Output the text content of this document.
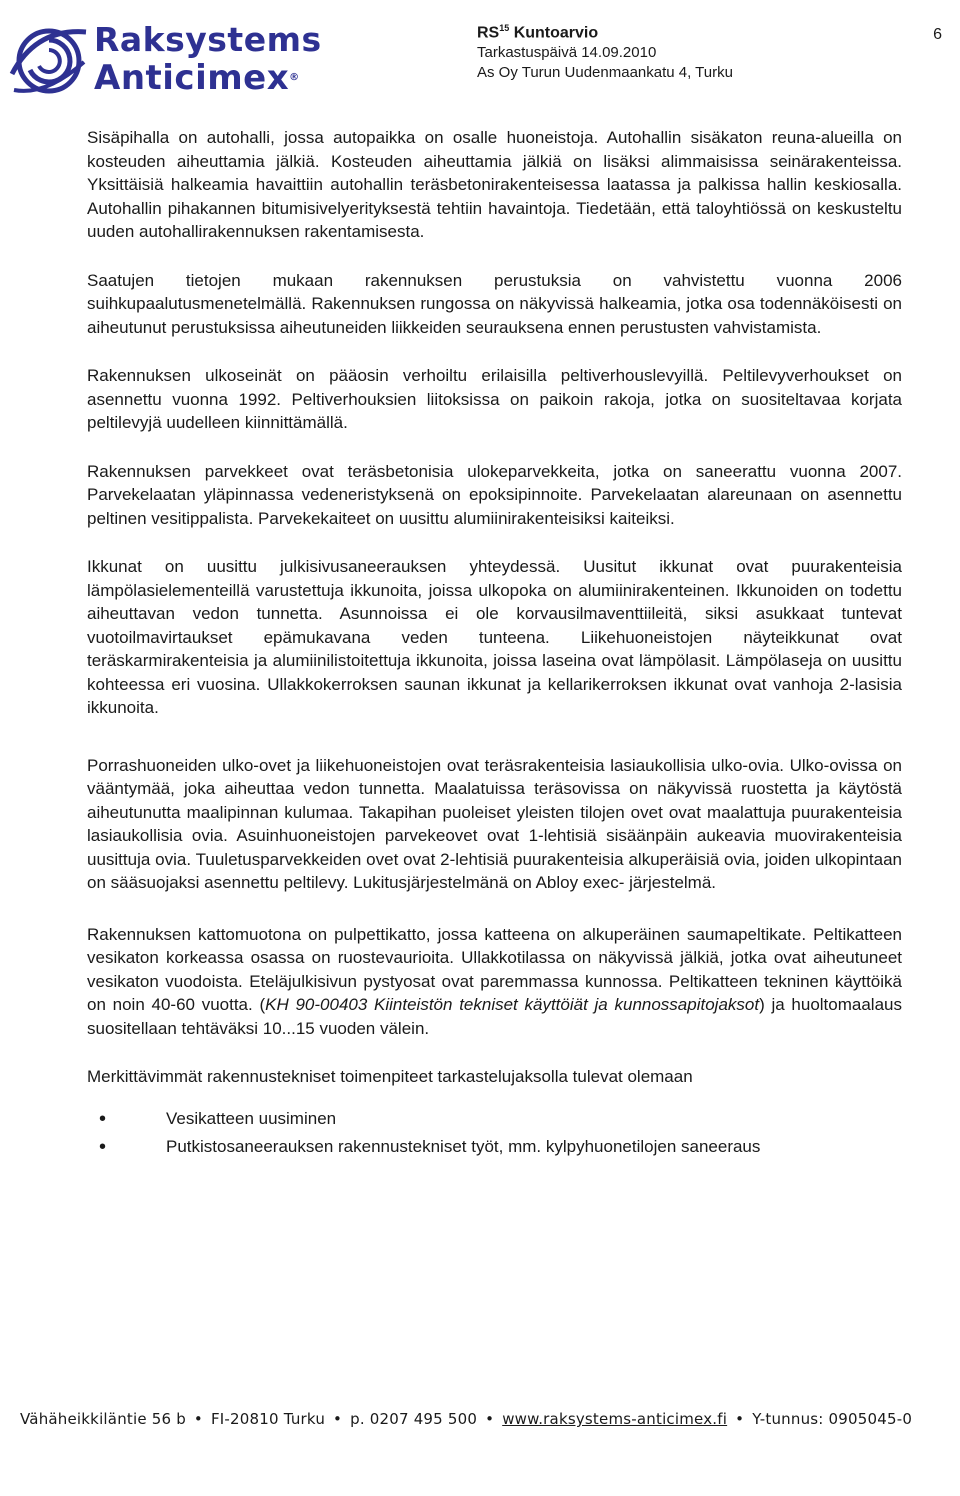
Raksystems
Anticimex®
RS$^{15}$ Kuntoarvio
Tarkastuspäivä 14.09.2010
As Oy Turun Uudenmaankatu 4, Turku
6

Sisäpihalla on autohalli, jossa autopaikka on osalle huoneistoja. Autohallin sisäkaton reuna-alueilla on kosteuden aiheuttamia jälkiä. Kosteuden aiheuttamia jälkiä on lisäksi alimmaisissa seinärakenteissa. Yksittäisiä halkeamia havaittiin autohallin teräsbetonirakenteisessa laatassa ja palkissa hallin keskiosalla. Autohallin pihakannen bitumisivelyerityksestä tehtiin havaintoja. Tiedetään, että taloyhtiössä on keskusteltu uuden autohallirakennuksen rakentamisesta.

Saatujen tietojen mukaan rakennuksen perustuksia on vahvistettu vuonna 2006 suihkupaalutusmenetelmällä. Rakennuksen rungossa on näkyvissä halkeamia, jotka osa todennäköisesti on aiheutunut perustuksissa aiheutuneiden liikkeiden seurauksena ennen perustusten vahvistamista.

Rakennuksen ulkoseinät on pääosin verhoiltu erilaisilla peltiverhouslevyillä. Peltilevyverhoukset on asennettu vuonna 1992. Peltiverhouksien liitoksissa on paikoin rakoja, jotka on suositeltavaa korjata peltilevyjä uudelleen kiinnittämällä.

Rakennuksen parvekkeet ovat teräsbetonisia ulokeparvekkeita, jotka on saneerattu vuonna 2007. Parvekelaatan yläpinnassa vedeneristyksenä on epoksipinnoite. Parvekelaatan alareunaan on asennettu peltinen vesitippalista. Parvekekaiteet on uusittu alumiinirakenteisiksi kaiteiksi.

Ikkunat on uusittu julkisivusaneerauksen yhteydessä. Uusitut ikkunat ovat puurakenteisia lämpölasielementeillä varustettuja ikkunoita, joissa ulkopoka on alumiinirakenteinen. Ikkunoiden on todettu aiheuttavan vedon tunnetta. Asunnoissa ei ole korvausilmaventtiileitä, siksi asukkaat tuntevat vuotoilmavirtaukset epämukavana veden tunteena. Liikehuoneistojen näyteikkunat ovat teräskarmirakenteisia ja alumiinilistoitettuja ikkunoita, joissa laseina ovat lämpölasit. Lämpölaseja on uusittu kohteessa eri vuosina. Ullakkokerroksen saunan ikkunat ja kellarikerroksen ikkunat ovat vanhoja 2-lasisia ikkunoita.

Porrashuoneiden ulko-ovet ja liikehuoneistojen ovat teräsrakenteisia lasiaukollisia ulko-ovia. Ulko-ovissa on vääntymää, joka aiheuttaa vedon tunnetta. Maalatuissa teräsovissa on näkyvissä ruostetta ja käytöstä aiheutunutta maalipinnan kulumaa. Takapihan puoleiset yleisten tilojen ovet ovat maalattuja puurakenteisia lasiaukollisia ovia. Asuinhuoneistojen parvekeovet ovat 1-lehtisiä sisäänpäin aukeavia muovirakenteisia uusittuja ovia. Tuuletusparvekkeiden ovet ovat 2-lehtisiä puurakenteisia alkuperäisiä ovia, joiden ulkopintaan on sääsuojaksi asennettu peltilevy. Lukitusjärjestelmänä on Abloy exec- järjestelmä.

Rakennuksen kattomuotona on pulpettikatto, jossa katteena on alkuperäinen saumapeltikate. Peltikatteen vesikaton korkeassa osassa on ruostevaurioita. Ullakkotilassa on näkyvissä jälkiä, jotka ovat aiheutuneet vesikaton vuodoista. Eteläjulkisivun pystyosat ovat paremmassa kunnossa. Peltikatteen tekninen käyttöikä on noin 40-60 vuotta. (KH 90-00403 Kiinteistön tekniset käyttöiät ja kunnossapitojaksot) ja huoltomaalaus suositellaan tehtäväksi 10...15 vuoden välein.

Merkittävimmät rakennustekniset toimenpiteet tarkastelujaksolla tulevat olemaan

• Vesikatteen uusiminen
• Putkistosaneerauksen rakennustekniset työt, mm. kylpyhuonetilojen saneeraus
Vähäheikkiläntie 56 b • FI-20810 Turku • p. 0207 495 500 • www.raksystems-anticimex.fi • Y-tunnus: 0905045-0
